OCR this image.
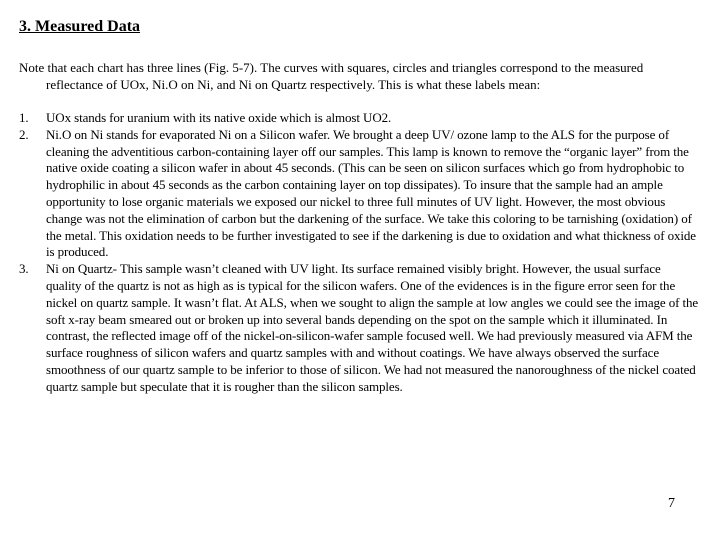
3. Measured Data
Note that each chart has three lines (Fig. 5-7). The curves with squares, circles and triangles correspond to the measured reflectance of UOx, Ni.O on Ni, and Ni on Quartz respectively. This is what these labels mean:
1. UOx stands for uranium with its native oxide which is almost UO2.
2. Ni.O on Ni stands for evaporated Ni on a Silicon wafer. We brought a deep UV/ ozone lamp to the ALS for the purpose of cleaning the adventitious carbon-containing layer off our samples. This lamp is known to remove the “organic layer” from the native oxide coating a silicon wafer in about 45 seconds. (This can be seen on silicon surfaces which go from hydrophobic to hydrophilic in about 45 seconds as the carbon containing layer on top dissipates). To insure that the sample had an ample opportunity to lose organic materials we exposed our nickel to three full minutes of UV light. However, the most obvious change was not the elimination of carbon but the darkening of the surface. We take this coloring to be tarnishing (oxidation) of the metal. This oxidation needs to be further investigated to see if the darkening is due to oxidation and what thickness of oxide is produced.
3. Ni on Quartz- This sample wasn’t cleaned with UV light. Its surface remained visibly bright. However, the usual surface quality of the quartz is not as high as is typical for the silicon wafers. One of the evidences is in the figure error seen for the nickel on quartz sample. It wasn’t flat. At ALS, when we sought to align the sample at low angles we could see the image of the soft x-ray beam smeared out or broken up into several bands depending on the spot on the sample which it illuminated. In contrast, the reflected image off of the nickel-on-silicon-wafer sample focused well. We had previously measured via AFM the surface roughness of silicon wafers and quartz samples with and without coatings. We have always observed the surface smoothness of our quartz sample to be inferior to those of silicon. We had not measured the nanoroughness of the nickel coated quartz sample but speculate that it is rougher than the silicon samples.
7
